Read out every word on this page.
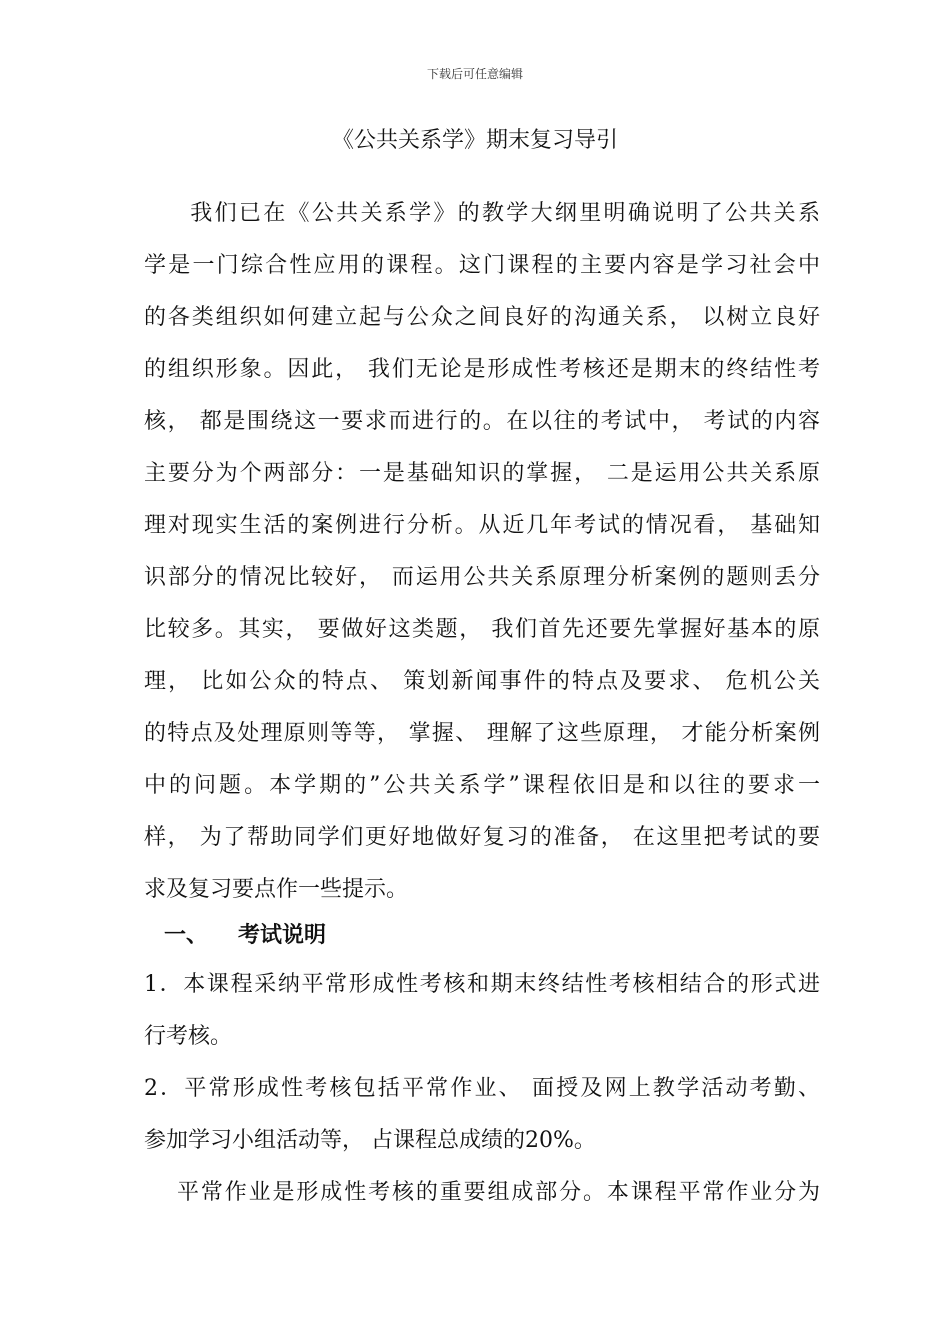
下载后可任意编辑
《公共关系学》期末复习导引
　我们已在《公共关系学》的教学大纲里明确说明了公共关系
学是一门综合性应用的课程。这门课程的主要内容是学习社会中
的各类组织如何建立起与公众之间良好的沟通关系， 以树立良好
的组织形象。因此， 我们无论是形成性考核还是期末的终结性考
核， 都是围绕这一要求而进行的。在以往的考试中， 考试的内容
主要分为个两部分：一是基础知识的掌握， 二是运用公共关系原
理对现实生活的案例进行分析。从近几年考试的情况看， 基础知
识部分的情况比较好， 而运用公共关系原理分析案例的题则丢分
比较多。其实， 要做好这类题， 我们首先还要先掌握好基本的原
理， 比如公众的特点、 策划新闻事件的特点及要求、 危机公关
的特点及处理原则等等， 掌握、 理解了这些原理， 才能分析案例
中的问题。本学期的”公共关系学”课程依旧是和以往的要求一
样， 为了帮助同学们更好地做好复习的准备， 在这里把考试的要
求及复习要点作一些提示。
一、 考试说明
1．本课程采纳平常形成性考核和期末终结性考核相结合的形式进
行考核。
2．平常形成性考核包括平常作业、 面授及网上教学活动考勤、
参加学习小组活动等， 占课程总成绩的20%。
平常作业是形成性考核的重要组成部分。本课程平常作业分为
